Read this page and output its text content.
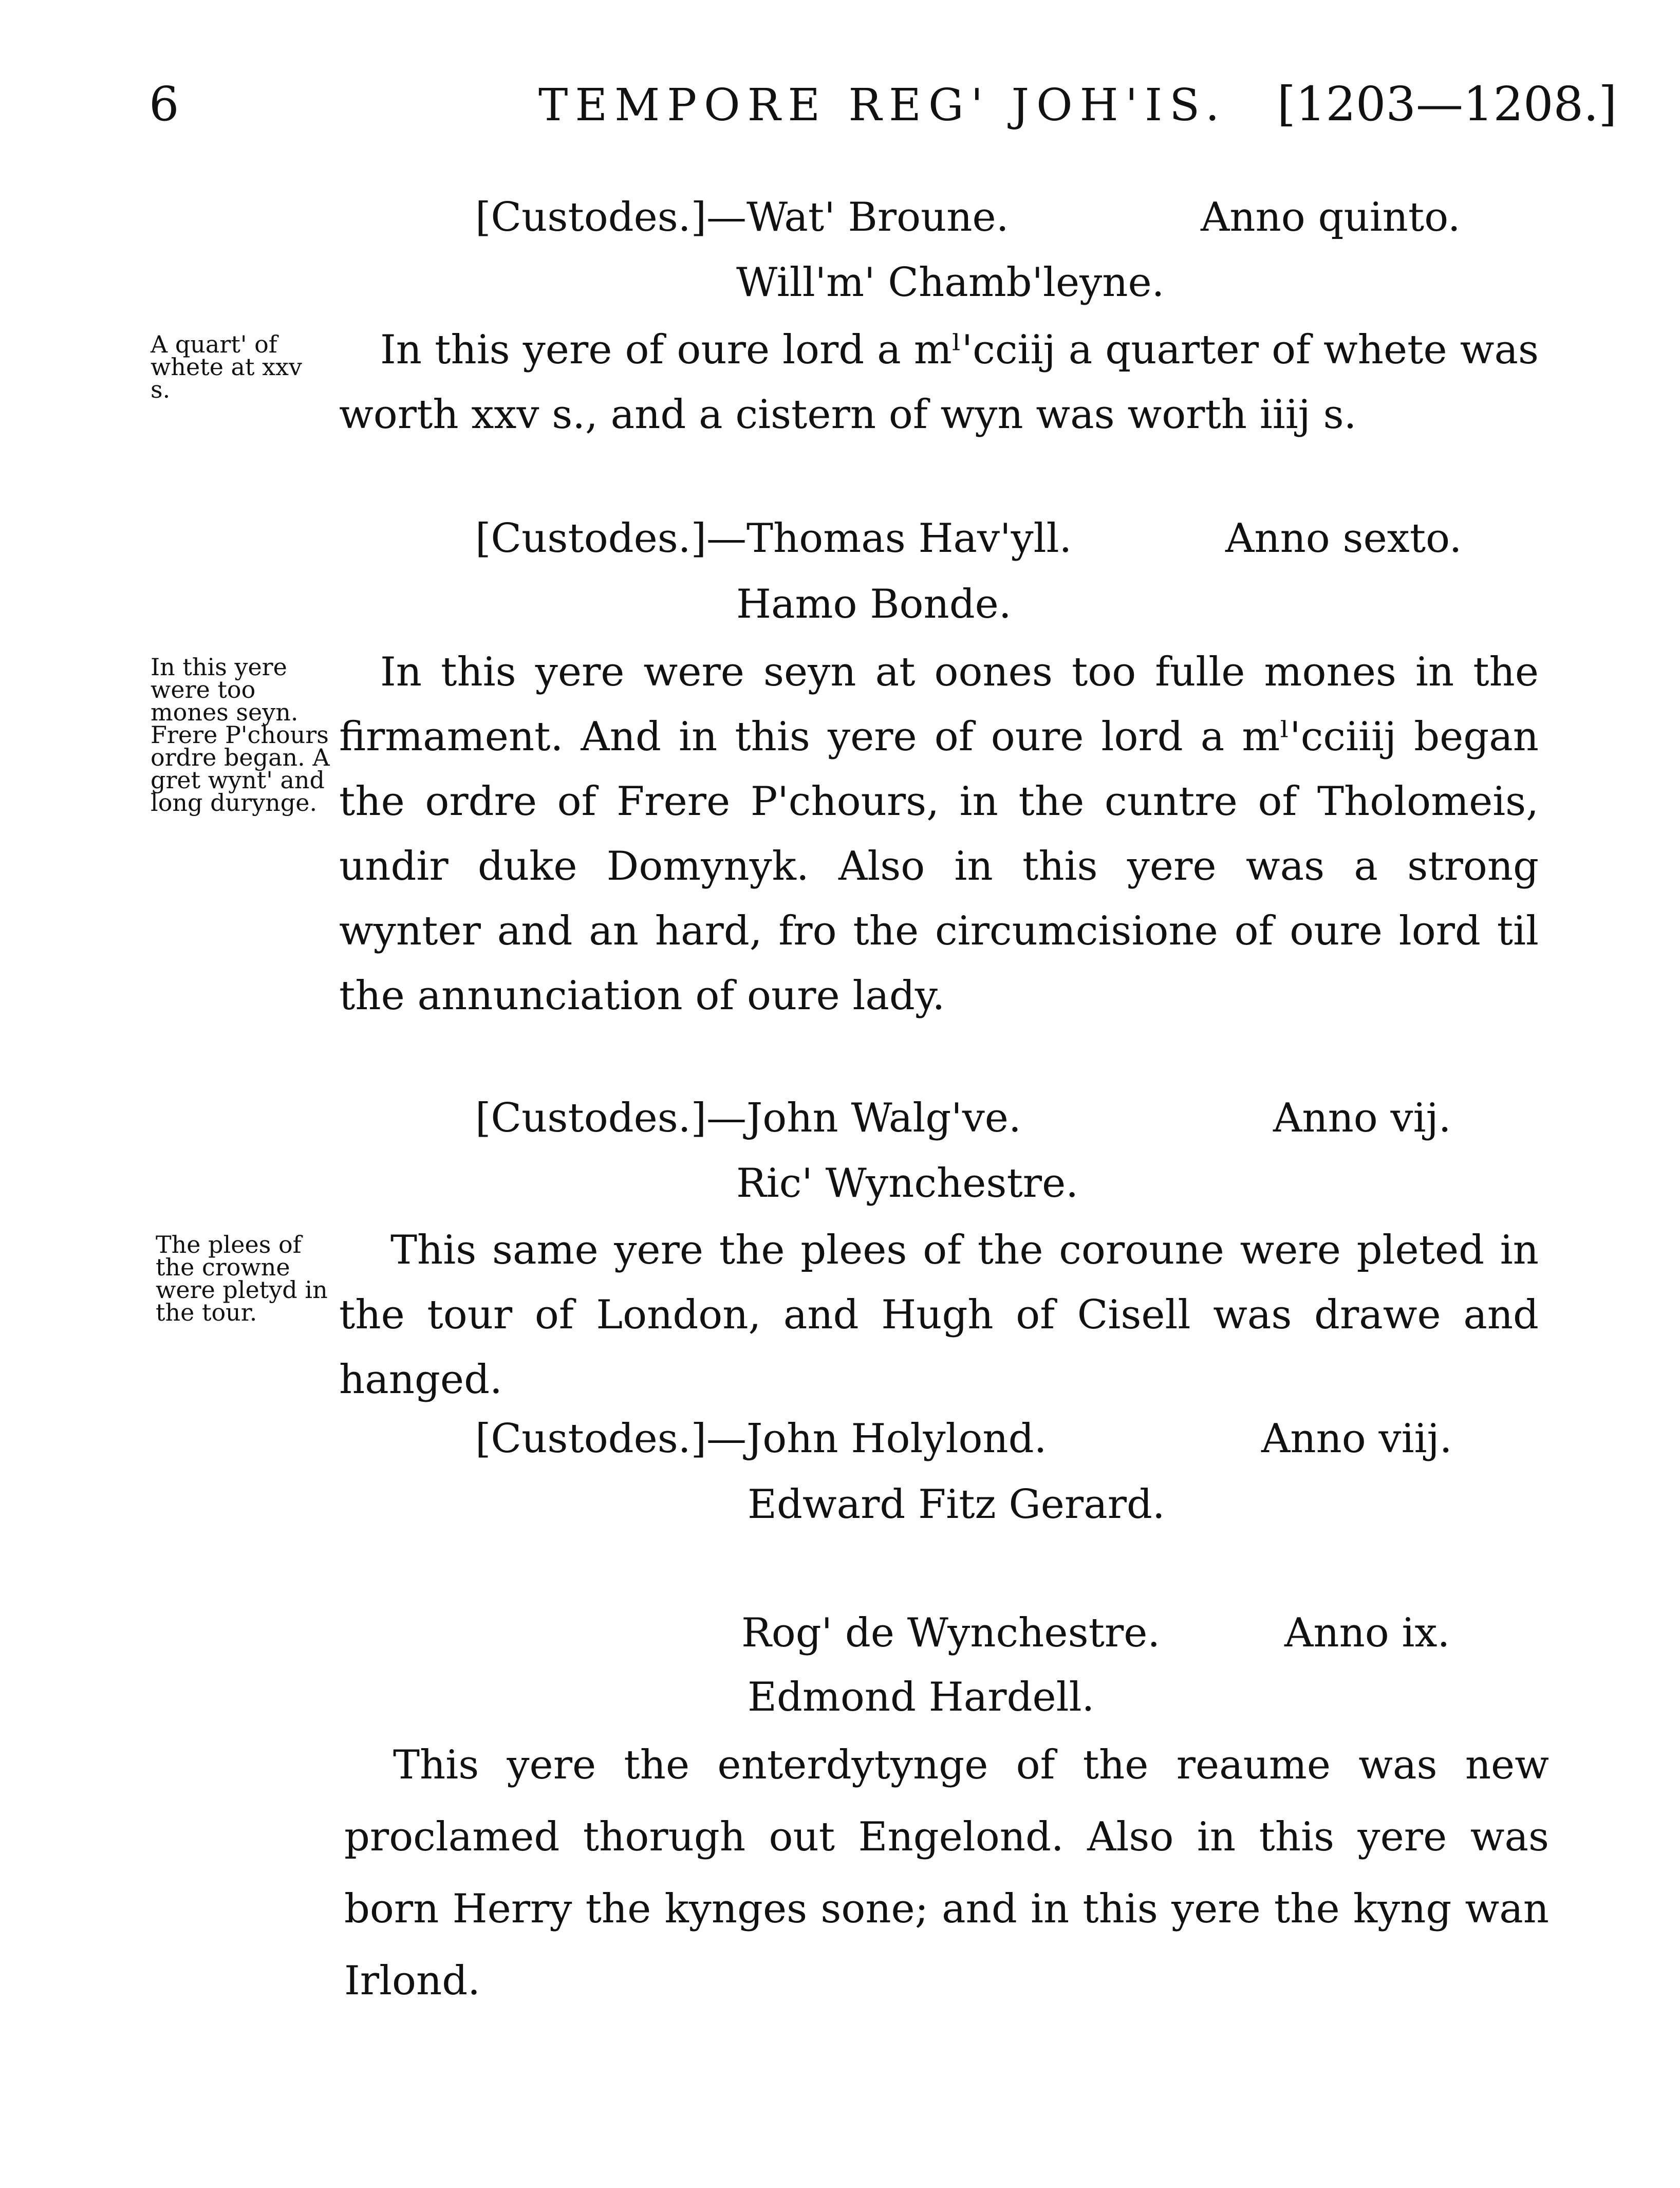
6	TEMPORE REG' JOH'IS. [1203—1208.]
[Custodes.]—Wat' Broune.	Anno quinto.
Will'm' Chamb'leyne.
A quart' of whete at xxv s.
In this yere of oure lord a mˡ'cciij a quarter of whete was worth xxv s., and a cistern of wyn was worth iiij s.
[Custodes.]—Thomas Hav'yll.	Anno sexto.
Hamo Bonde.
In this yere were too mones seyn. Frere P'chours ordre began. A gret wynt' and long durynge.
In this yere were seyn at oones too fulle mones in the firmament. And in this yere of oure lord a mˡ'cciiij began the ordre of Frere P'chours, in the cuntre of Tholomeis, undir duke Domynyk. Also in this yere was a strong wynter and an hard, fro the circumcisione of oure lord til the annunciation of oure lady.
[Custodes.]—John Walg've.	Anno vij.
Ric' Wynchestre.
The plees of the crowne were pletyd in the tour.
This same yere the plees of the coroune were pleted in the tour of London, and Hugh of Cisell was drawe and hanged.
[Custodes.]—John Holylond.	Anno viij.
Edward Fitz Gerard.
Rog' de Wynchestre.	Anno ix.
Edmond Hardell.
This yere the enterdytynge of the reaume was new proclamed thorugh out Engelond. Also in this yere was born Herry the kynges sone; and in this yere the kyng wan Irlond.
